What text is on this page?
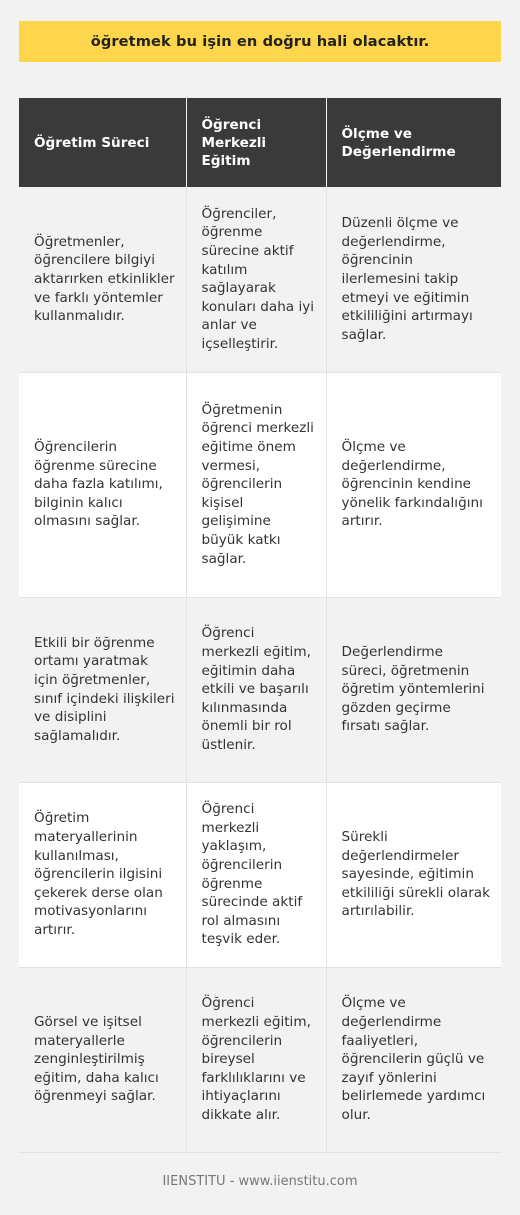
öğretmek bu işin en doğru hali olacaktır.
Öğretim Süreci	Öğrenci Merkezli Eğitim	Ölçme ve Değerlendirme
Öğretmenler, öğrencilere bilgiyi aktarırken etkinlikler ve farklı yöntemler kullanmalıdır.	Öğrenciler, öğrenme sürecine aktif katılım sağlayarak konuları daha iyi anlar ve içselleştirir.	Düzenli ölçme ve değerlendirme, öğrencinin ilerlemesini takip etmeyi ve eğitimin etkililiğini artırmayı sağlar.
Öğrencilerin öğrenme sürecine daha fazla katılımı, bilginin kalıcı olmasını sağlar.	Öğretmenin öğrenci merkezli eğitime önem vermesi, öğrencilerin kişisel gelişimine büyük katkı sağlar.	Ölçme ve değerlendirme, öğrencinin kendine yönelik farkındalığını artırır.
Etkili bir öğrenme ortamı yaratmak için öğretmenler, sınıf içindeki ilişkileri ve disiplini sağlamalıdır.	Öğrenci merkezli eğitim, eğitimin daha etkili ve başarılı kılınmasında önemli bir rol üstlenir.	Değerlendirme süreci, öğretmenin öğretim yöntemlerini gözden geçirme fırsatı sağlar.
Öğretim materyallerinin kullanılması, öğrencilerin ilgisini çekerek derse olan motivasyonlarını artırır.	Öğrenci merkezli yaklaşım, öğrencilerin öğrenme sürecinde aktif rol almasını teşvik eder.	Sürekli değerlendirmeler sayesinde, eğitimin etkililiği sürekli olarak artırılabilir.
Görsel ve işitsel materyallerle zenginleştirilmiş eğitim, daha kalıcı öğrenmeyi sağlar.	Öğrenci merkezli eğitim, öğrencilerin bireysel farklılıklarını ve ihtiyaçlarını dikkate alır.	Ölçme ve değerlendirme faaliyetleri, öğrencilerin güçlü ve zayıf yönlerini belirlemede yardımcı olur.
IIENSTITU - www.iienstitu.com
